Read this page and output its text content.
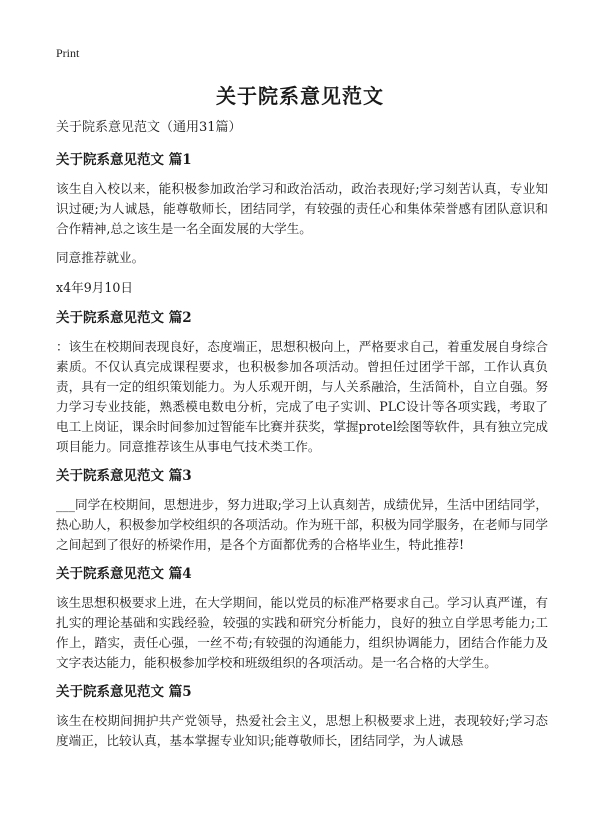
Print
关于院系意见范文
关于院系意见范文（通用31篇）
关于院系意见范文 篇1

该生自入校以来，能积极参加政治学习和政治活动，政治表现好;学习刻苦认真，专业知识过硬;为人诚恳，能尊敬师长，团结同学，有较强的责任心和集体荣誉感有团队意识和合作精神,总之该生是一名全面发展的大学生。

同意推荐就业。

x4年9月10日

关于院系意见范文 篇2

：该生在校期间表现良好，态度端正，思想积极向上，严格要求自己，着重发展自身综合素质。不仅认真完成课程要求，也积极参加各项活动。曾担任过团学干部，工作认真负责，具有一定的组织策划能力。为人乐观开朗，与人关系融洽，生活简朴，自立自强。努力学习专业技能，熟悉模电数电分析，完成了电子实训、PLC设计等各项实践，考取了电工上岗证，课余时间参加过智能车比赛并获奖，掌握protel绘图等软件，具有独立完成项目能力。同意推荐该生从事电气技术类工作。

关于院系意见范文 篇3

___同学在校期间，思想进步，努力进取;学习上认真刻苦，成绩优异，生活中团结同学，热心助人，积极参加学校组织的各项活动。作为班干部，积极为同学服务，在老师与同学之间起到了很好的桥梁作用，是各个方面都优秀的合格毕业生，特此推荐!

关于院系意见范文 篇4

该生思想积极要求上进，在大学期间，能以党员的标准严格要求自己。学习认真严谨，有扎实的理论基础和实践经验，较强的实践和研究分析能力，良好的独立自学思考能力;工作上，踏实，责任心强，一丝不苟;有较强的沟通能力，组织协调能力，团结合作能力及文字表达能力，能积极参加学校和班级组织的各项活动。是一名合格的大学生。

关于院系意见范文 篇5

该生在校期间拥护共产党领导，热爱社会主义，思想上积极要求上进，表现较好;学习态度端正，比较认真，基本掌握专业知识;能尊敬师长，团结同学，为人诚恳
